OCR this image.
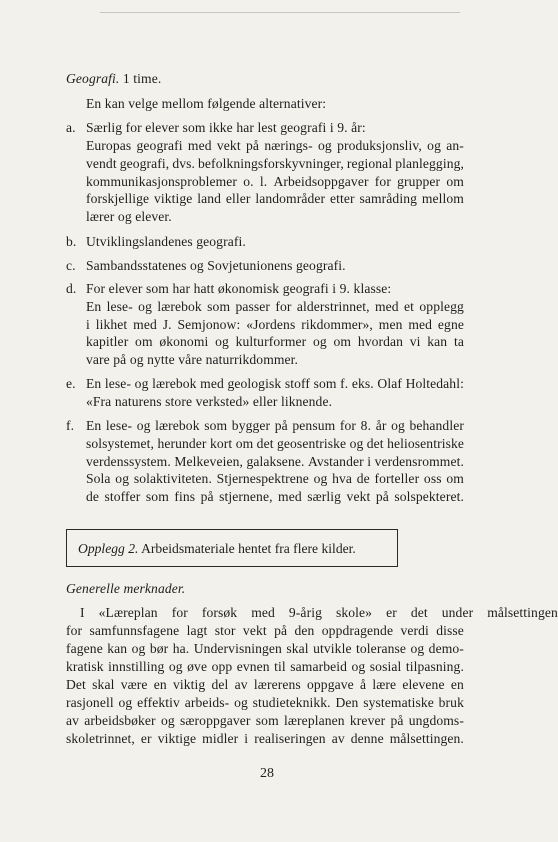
Geografi. 1 time.
En kan velge mellom følgende alternativer:
a. Særlig for elever som ikke har lest geografi i 9. år:
Europas geografi med vekt på nærings- og produksjonsliv, og an-
vendt geografi, dvs. befolkningsforskyvninger, regional planlegging,
kommunikasjonsproblemer o. l. Arbeidsoppgaver for grupper om
forskjellige viktige land eller landområder etter samråding mellom
lærer og elever.
b. Utviklingslandenes geografi.
c. Sambandsstatenes og Sovjetunionens geografi.
d. For elever som har hatt økonomisk geografi i 9. klasse:
En lese- og lærebok som passer for alderstrinnet, med et opplegg
i likhet med J. Semjonow: «Jordens rikdommer», men med egne
kapitler om økonomi og kulturformer og om hvordan vi kan ta
vare på og nytte våre naturrikdommer.
e. En lese- og lærebok med geologisk stoff som f. eks. Olaf Holtedahl:
«Fra naturens store verksted» eller liknende.
f. En lese- og lærebok som bygger på pensum for 8. år og behandler
solsystemet, herunder kort om det geosentriske og det heliosentriske
verdenssystem. Melkeveien, galaksene. Avstander i verdensrommet.
Sola og solaktiviteten. Stjernespektrene og hva de forteller oss om
de stoffer som fins på stjernene, med særlig vekt på solspekteret.
Opplegg 2. Arbeidsmateriale hentet fra flere kilder.
Generelle merknader.
I	«Læreplan	for	forsøk	med	9-årig	skole»	er	det	under	målsettingen
for samfunnsfagene lagt stor vekt på den oppdragende verdi disse
fagene kan og bør ha. Undervisningen skal utvikle toleranse og demo-
kratisk innstilling og øve opp evnen til samarbeid og sosial tilpasning.
Det skal være en viktig del av lærerens oppgave å lære elevene en
rasjonell og effektiv arbeids- og studieteknikk. Den systematiske bruk
av arbeidsbøker og særoppgaver som læreplanen krever på ungdoms-
skoletrinnet, er viktige midler i realiseringen av denne målsettingen.
28
